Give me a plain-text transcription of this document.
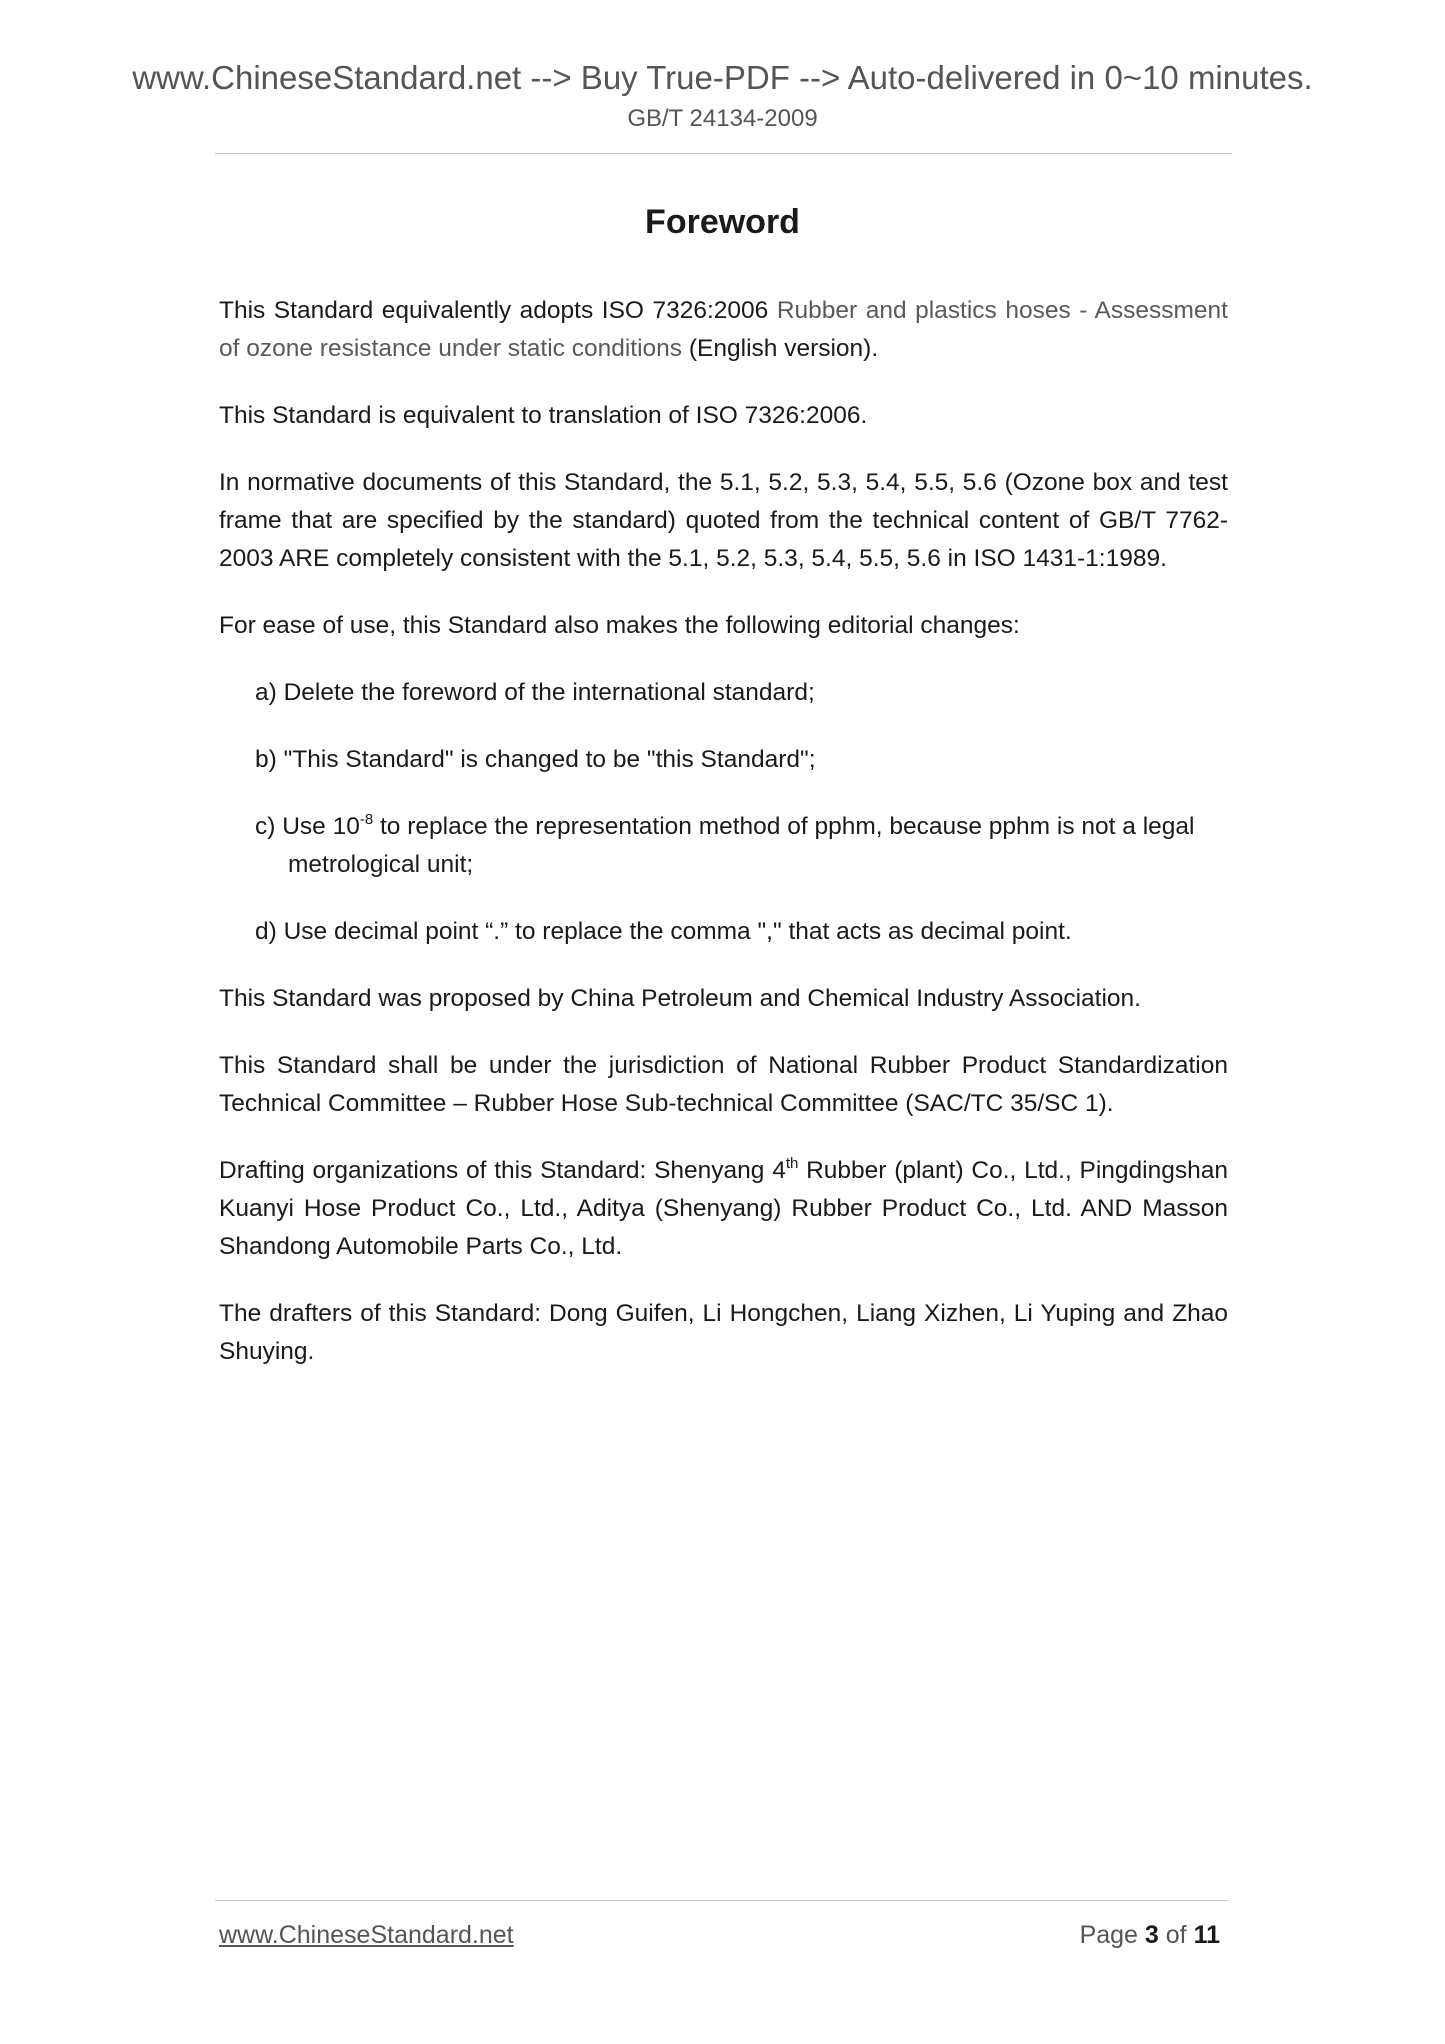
www.ChineseStandard.net --> Buy True-PDF --> Auto-delivered in 0~10 minutes.
GB/T 24134-2009
Foreword

This Standard equivalently adopts ISO 7326:2006 Rubber and plastics hoses - Assessment of ozone resistance under static conditions (English version).

This Standard is equivalent to translation of ISO 7326:2006.

In normative documents of this Standard, the 5.1, 5.2, 5.3, 5.4, 5.5, 5.6 (Ozone box and test frame that are specified by the standard) quoted from the technical content of GB/T 7762-2003 ARE completely consistent with the 5.1, 5.2, 5.3, 5.4, 5.5, 5.6 in ISO 1431-1:1989.

For ease of use, this Standard also makes the following editorial changes:

a) Delete the foreword of the international standard;

b) "This Standard" is changed to be "this Standard";

c) Use $10^{-8}$ to replace the representation method of pphm, because pphm is not a legal metrological unit;

d) Use decimal point “.” to replace the comma "," that acts as decimal point.

This Standard was proposed by China Petroleum and Chemical Industry Association.

This Standard shall be under the jurisdiction of National Rubber Product Standardization Technical Committee – Rubber Hose Sub-technical Committee (SAC/TC 35/SC 1).

Drafting organizations of this Standard: Shenyang 4th Rubber (plant) Co., Ltd., Pingdingshan Kuanyi Hose Product Co., Ltd., Aditya (Shenyang) Rubber Product Co., Ltd. AND Masson Shandong Automobile Parts Co., Ltd.

The drafters of this Standard: Dong Guifen, Li Hongchen, Liang Xizhen, Li Yuping and Zhao Shuying.

www.ChineseStandard.net	Page 3 of 11
